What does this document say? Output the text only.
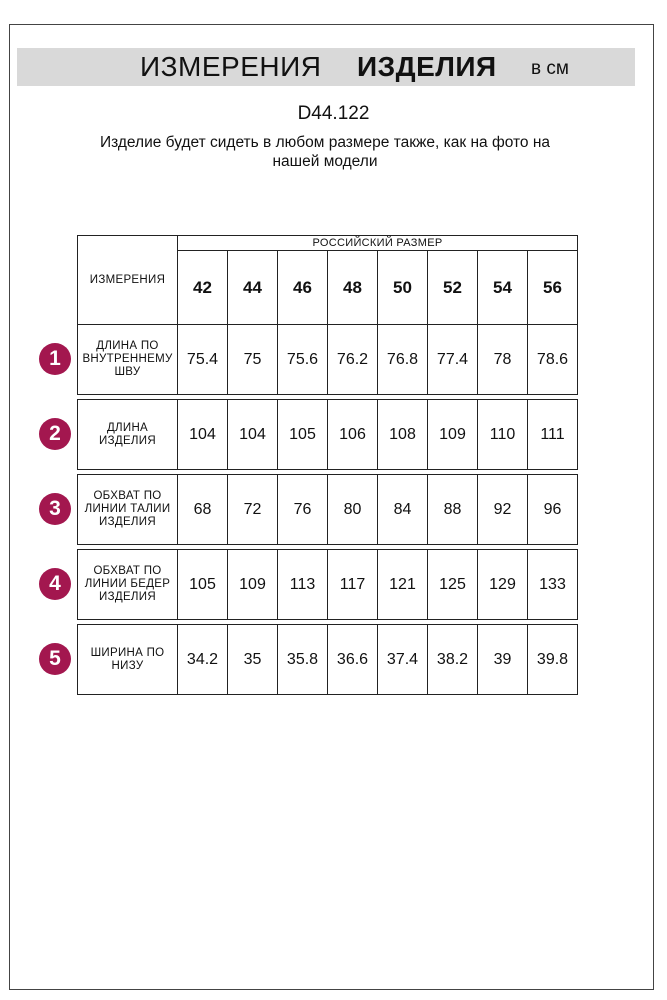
ИЗМЕРЕНИЯ ИЗДЕЛИЯ в см
D44.122
Изделие будет сидеть в любом размере также, как на фото на нашей модели
ИЗМЕРЕНИЯ	РОССИЙСКИЙ РАЗМЕР							
	42	44	46	48	50	52	54	56
ДЛИНА ПО ВНУТРЕННЕМУ ШВУ	75.4	75	75.6	76.2	76.8	77.4	78	78.6

ДЛИНА ИЗДЕЛИЯ	104	104	105	106	108	109	110	111

ОБХВАТ ПО ЛИНИИ ТАЛИИ ИЗДЕЛИЯ	68	72	76	80	84	88	92	96

ОБХВАТ ПО ЛИНИИ БЕДЕР ИЗДЕЛИЯ	105	109	113	117	121	125	129	133

ШИРИНА ПО НИЗУ	34.2	35	35.8	36.6	37.4	38.2	39	39.8
1
2
3
4
5
